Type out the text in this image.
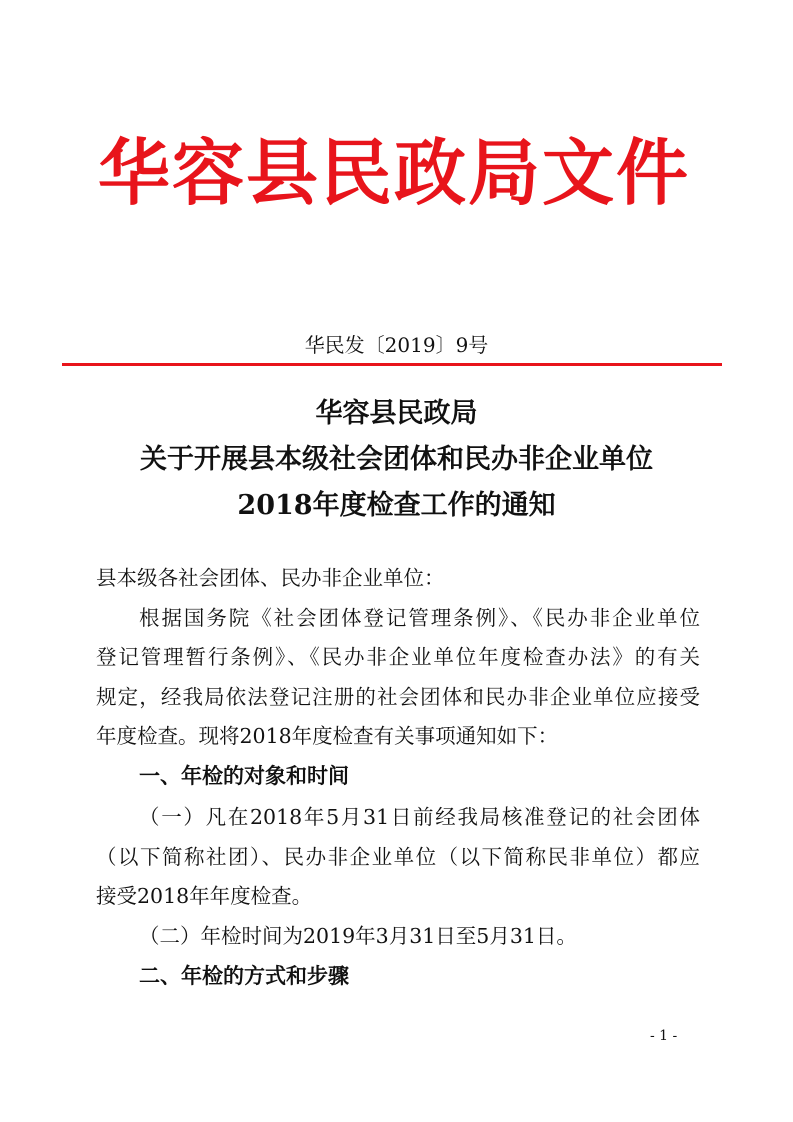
华容县民政局文件
华民发〔2019〕9号
华容县民政局
关于开展县本级社会团体和民办非企业单位
2018年度检查工作的通知
县本级各社会团体、民办非企业单位：
根据国务院《社会团体登记管理条例》、《民办非企业单位
登记管理暂行条例》、《民办非企业单位年度检查办法》的有关
规定，经我局依法登记注册的社会团体和民办非企业单位应接受
年度检查。现将2018年度检查有关事项通知如下：
一、年检的对象和时间
（一）凡在2018年5月31日前经我局核准登记的社会团体
（以下简称社团）、民办非企业单位（以下简称民非单位）都应
接受2018年年度检查。
（二）年检时间为2019年3月31日至5月31日。
二、年检的方式和步骤
- 1 -
